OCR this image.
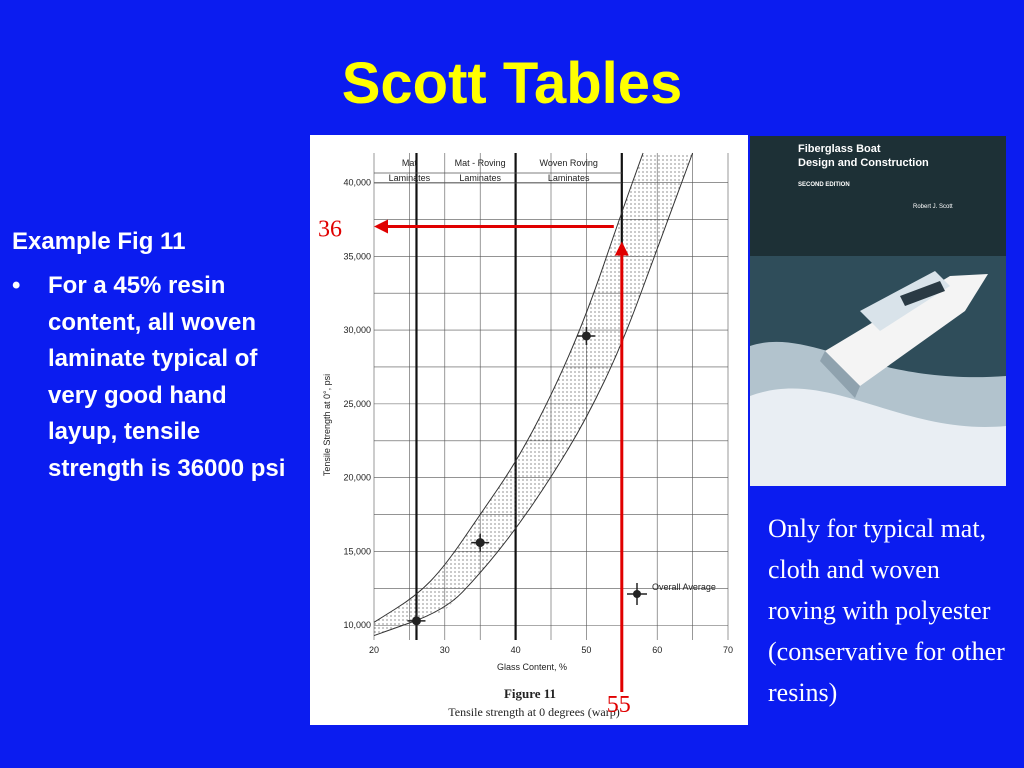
Scott Tables
Example Fig 11
•	For a 45% resin content, all woven laminate typical of very good hand layup, tensile strength is 36000 psi
20	30	40	50	60	70
10,000
15,000
20,000
25,000
30,000
35,000
40,000
Mat
Laminates
Mat - Roving
Laminates
Woven Roving
Laminates
Overall Average
Glass Content, %
Tensile Strength at 0°, psi
Figure 11
Tensile strength at 0 degrees (warp)
36
55
Fiberglass Boat
Design and Construction
SECOND EDITION
Robert J. Scott
Only for typical mat, cloth and woven roving with polyester (conservative for other resins)
